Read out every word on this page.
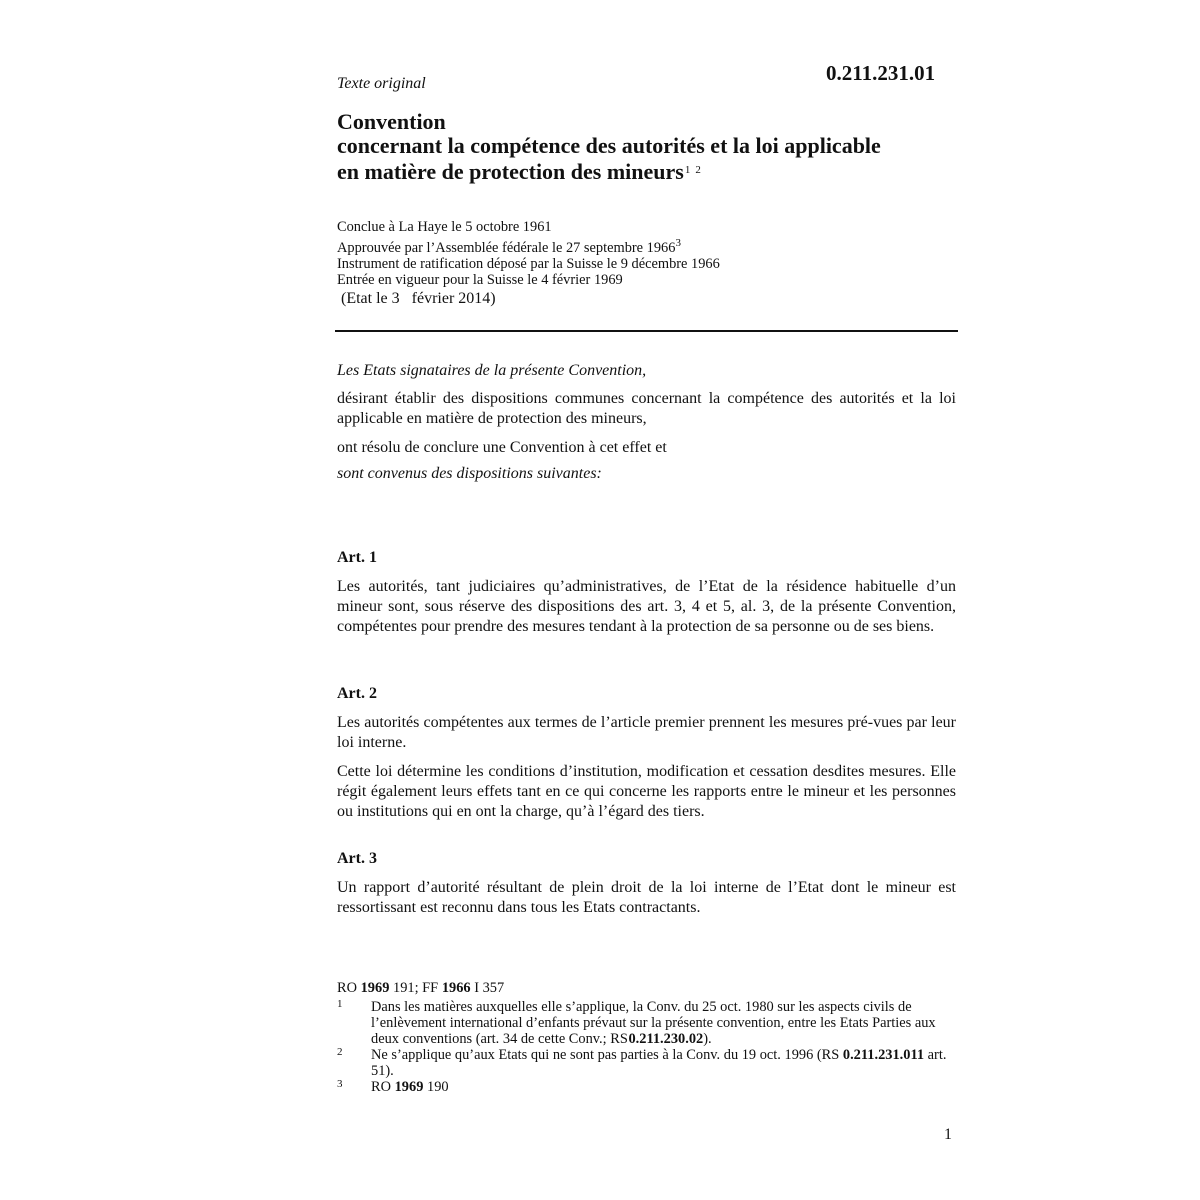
0.211.231.01
Texte original
Convention
concernant la compétence des autorités et la loi applicable
en matière de protection des mineurs$^1$ $^2$
Conclue à La Haye le 5 octobre 1961
Approuvée par l’Assemblée fédérale le 27 septembre 1966$^3$
Instrument de ratification déposé par la Suisse le 9 décembre 1966
Entrée en vigueur pour la Suisse le 4 février 1969
(Etat le 3   février 2014)
Les Etats signataires de la présente Convention,
désirant établir des dispositions communes concernant la compétence des autorités et la loi applicable en matière de protection des mineurs,
ont résolu de conclure une Convention à cet effet et
sont convenus des dispositions suivantes:
Art. 1
Les autorités, tant judiciaires qu’administratives, de l’Etat de la résidence habituelle d’un mineur sont, sous réserve des dispositions des art. 3, 4 et 5, al. 3, de la présente Convention, compétentes pour prendre des mesures tendant à la protection de sa personne ou de ses biens.
Art. 2
Les autorités compétentes aux termes de l’article premier prennent les mesures pré-vues par leur loi interne.
Cette loi détermine les conditions d’institution, modification et cessation desdites mesures. Elle régit également leurs effets tant en ce qui concerne les rapports entre le mineur et les personnes ou institutions qui en ont la charge, qu’à l’égard des tiers.
Art. 3
Un rapport d’autorité résultant de plein droit de la loi interne de l’Etat dont le mineur est ressortissant est reconnu dans tous les Etats contractants.
RO 1969 191; FF 1966 I 357
1 Dans les matières auxquelles elle s’applique, la Conv. du 25 oct. 1980 sur les aspects civils de l’enlèvement international d’enfants prévaut sur la présente convention, entre les Etats Parties aux deux conventions (art. 34 de cette Conv.; RS 0.211.230.02).
2 Ne s’applique qu’aux Etats qui ne sont pas parties à la Conv. du 19 oct. 1996 (RS 0.211.231.011 art. 51).
3 RO 1969 190
1
